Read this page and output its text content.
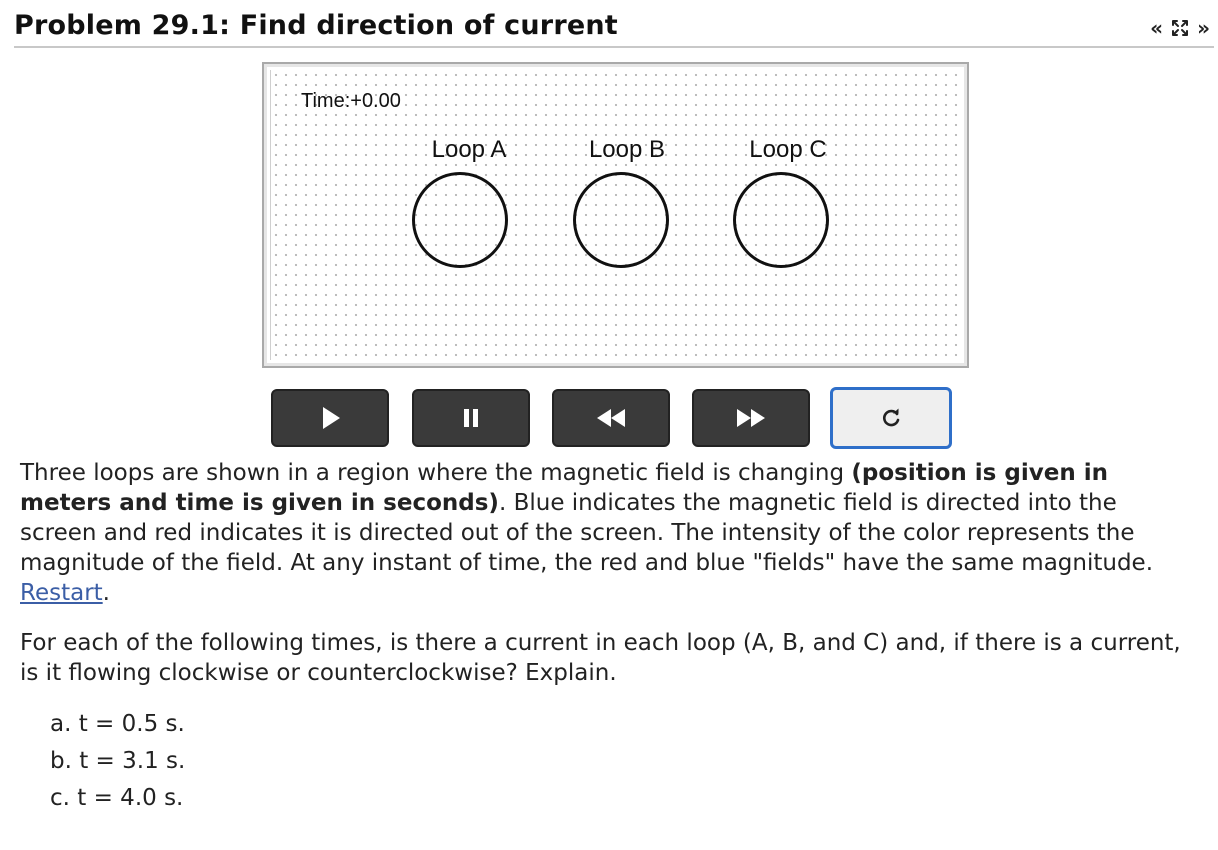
Problem 29.1: Find direction of current	« »
Time:+0.00
Loop A	Loop B	Loop C

Three loops are shown in a region where the magnetic field is changing (position is given in meters and time is given in seconds). Blue indicates the magnetic field is directed into the screen and red indicates it is directed out of the screen. The intensity of the color represents the magnitude of the field. At any instant of time, the red and blue "fields" have the same magnitude. Restart.

For each of the following times, is there a current in each loop (A, B, and C) and, if there is a current, is it flowing clockwise or counterclockwise? Explain.

a. t = 0.5 s.
b. t = 3.1 s.
c. t = 4.0 s.
